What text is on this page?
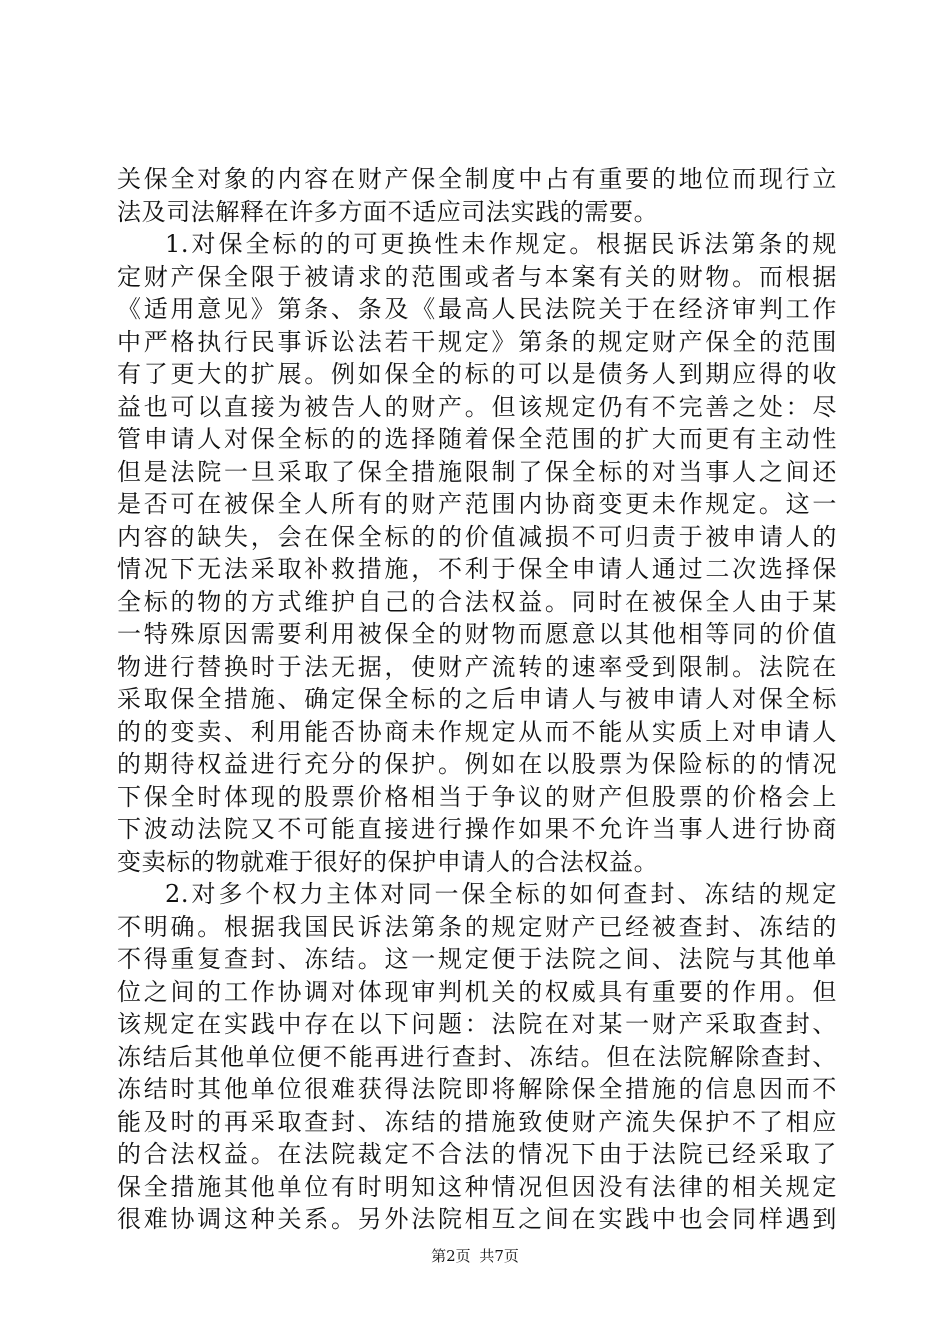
关保全对象的内容在财产保全制度中占有重要的地位而现行立
法及司法解释在许多方面不适应司法实践的需要。
1.对保全标的的可更换性未作规定。根据民诉法第条的规
定财产保全限于被请求的范围或者与本案有关的财物。而根据
《适用意见》第条、条及《最高人民法院关于在经济审判工作
中严格执行民事诉讼法若干规定》第条的规定财产保全的范围
有了更大的扩展。例如保全的标的可以是债务人到期应得的收
益也可以直接为被告人的财产。但该规定仍有不完善之处：尽
管申请人对保全标的的选择随着保全范围的扩大而更有主动性
但是法院一旦采取了保全措施限制了保全标的对当事人之间还
是否可在被保全人所有的财产范围内协商变更未作规定。这一
内容的缺失，会在保全标的的价值减损不可归责于被申请人的
情况下无法采取补救措施，不利于保全申请人通过二次选择保
全标的物的方式维护自己的合法权益。同时在被保全人由于某
一特殊原因需要利用被保全的财物而愿意以其他相等同的价值
物进行替换时于法无据，使财产流转的速率受到限制。法院在
采取保全措施、确定保全标的之后申请人与被申请人对保全标
的的变卖、利用能否协商未作规定从而不能从实质上对申请人
的期待权益进行充分的保护。例如在以股票为保险标的的情况
下保全时体现的股票价格相当于争议的财产但股票的价格会上
下波动法院又不可能直接进行操作如果不允许当事人进行协商
变卖标的物就难于很好的保护申请人的合法权益。
2.对多个权力主体对同一保全标的如何查封、冻结的规定
不明确。根据我国民诉法第条的规定财产已经被查封、冻结的
不得重复查封、冻结。这一规定便于法院之间、法院与其他单
位之间的工作协调对体现审判机关的权威具有重要的作用。但
该规定在实践中存在以下问题：法院在对某一财产采取查封、
冻结后其他单位便不能再进行查封、冻结。但在法院解除查封、
冻结时其他单位很难获得法院即将解除保全措施的信息因而不
能及时的再采取查封、冻结的措施致使财产流失保护不了相应
的合法权益。在法院裁定不合法的情况下由于法院已经采取了
保全措施其他单位有时明知这种情况但因没有法律的相关规定
很难协调这种关系。另外法院相互之间在实践中也会同样遇到
第2页 共7页
